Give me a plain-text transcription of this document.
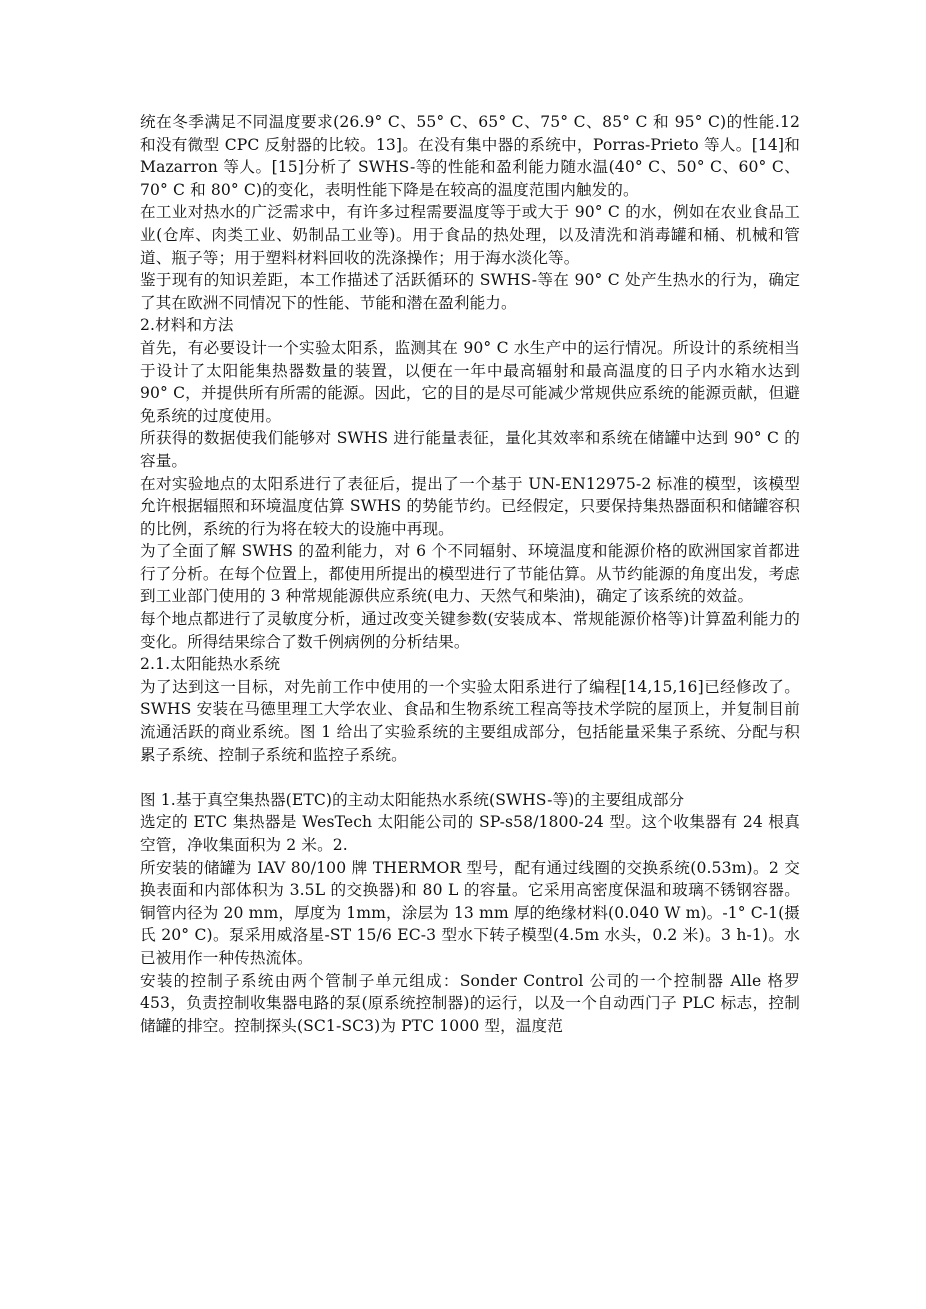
统在冬季满足不同温度要求(26.9° C、55° C、65° C、75° C、85° C 和 95° C)的性能.12 和没有微型 CPC 反射器的比较。13]。在没有集中器的系统中，Porras-Prieto 等人。[14]和 Mazarron 等人。[15]分析了 SWHS-等的性能和盈利能力随水温(40° C、50° C、60° C、70° C 和 80° C)的变化，表明性能下降是在较高的温度范围内触发的。

在工业对热水的广泛需求中，有许多过程需要温度等于或大于 90° C 的水，例如在农业食品工业(仓库、肉类工业、奶制品工业等)。用于食品的热处理，以及清洗和消毒罐和桶、机械和管道、瓶子等；用于塑料材料回收的洗涤操作；用于海水淡化等。

鉴于现有的知识差距，本工作描述了活跃循环的 SWHS-等在 90° C 处产生热水的行为，确定了其在欧洲不同情况下的性能、节能和潜在盈利能力。

2.材料和方法

首先，有必要设计一个实验太阳系，监测其在 90° C 水生产中的运行情况。所设计的系统相当于设计了太阳能集热器数量的装置，以便在一年中最高辐射和最高温度的日子内水箱水达到 90° C，并提供所有所需的能源。因此，它的目的是尽可能减少常规供应系统的能源贡献，但避免系统的过度使用。

所获得的数据使我们能够对 SWHS 进行能量表征，量化其效率和系统在储罐中达到 90° C 的容量。

在对实验地点的太阳系进行了表征后，提出了一个基于 UN-EN12975-2 标准的模型，该模型允许根据辐照和环境温度估算 SWHS 的势能节约。已经假定，只要保持集热器面积和储罐容积的比例，系统的行为将在较大的设施中再现。

为了全面了解 SWHS 的盈利能力，对 6 个不同辐射、环境温度和能源价格的欧洲国家首都进行了分析。在每个位置上，都使用所提出的模型进行了节能估算。从节约能源的角度出发，考虑到工业部门使用的 3 种常规能源供应系统(电力、天然气和柴油)，确定了该系统的效益。

每个地点都进行了灵敏度分析，通过改变关键参数(安装成本、常规能源价格等)计算盈利能力的变化。所得结果综合了数千例病例的分析结果。

2.1.太阳能热水系统

为了达到这一目标，对先前工作中使用的一个实验太阳系进行了编程[14,15,16]已经修改了。SWHS 安装在马德里理工大学农业、食品和生物系统工程高等技术学院的屋顶上，并复制目前流通活跃的商业系统。图 1 给出了实验系统的主要组成部分，包括能量采集子系统、分配与积累子系统、控制子系统和监控子系统。

图 1.基于真空集热器(ETC)的主动太阳能热水系统(SWHS-等)的主要组成部分

选定的 ETC 集热器是 WesTech 太阳能公司的 SP-s58/1800-24 型。这个收集器有 24 根真空管，净收集面积为 2 米。2.

所安装的储罐为 IAV 80/100 牌 THERMOR 型号，配有通过线圈的交换系统(0.53m)。2 交换表面和内部体积为 3.5L 的交换器)和 80 L 的容量。它采用高密度保温和玻璃不锈钢容器。铜管内径为 20 mm，厚度为 1mm，涂层为 13 mm 厚的绝缘材料(0.040 W m)。-1° C-1(摄氏 20° C)。泵采用威洛星-ST 15/6 EC-3 型水下转子模型(4.5m 水头，0.2 米)。3 h-1)。水已被用作一种传热流体。

安装的控制子系统由两个管制子单元组成：Sonder Control 公司的一个控制器 Alle 格罗 453，负责控制收集器电路的泵(原系统控制器)的运行，以及一个自动西门子 PLC 标志，控制储罐的排空。控制探头(SC1-SC3)为 PTC 1000 型，温度范
